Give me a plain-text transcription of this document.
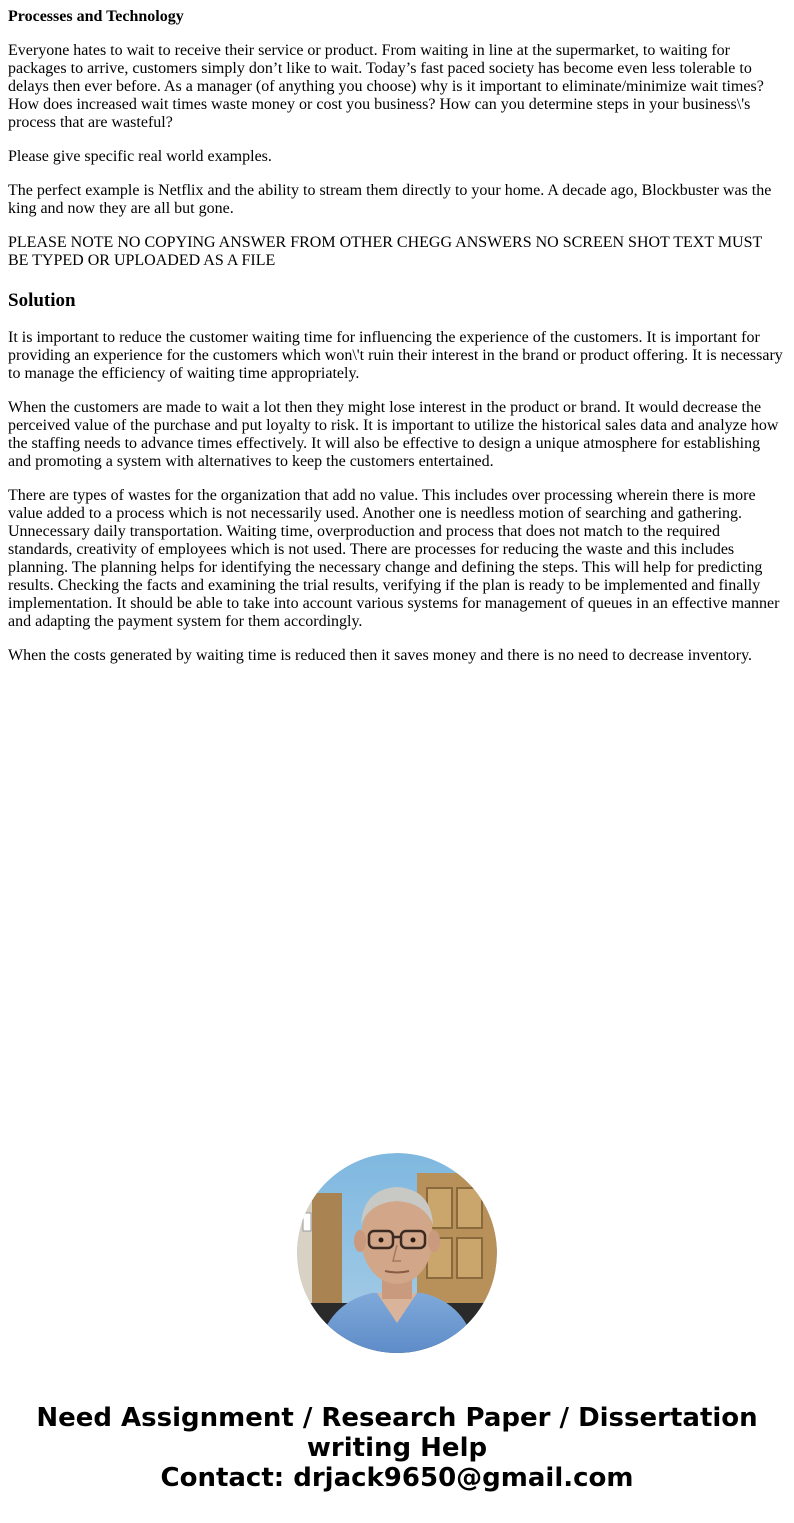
Processes and Technology

Everyone hates to wait to receive their service or product. From waiting in line at the supermarket, to waiting for packages to arrive, customers simply don’t like to wait. Today’s fast paced society has become even less tolerable to delays then ever before. As a manager (of anything you choose) why is it important to eliminate/minimize wait times? How does increased wait times waste money or cost you business? How can you determine steps in your business\'s process that are wasteful?

Please give specific real world examples.

The perfect example is Netflix and the ability to stream them directly to your home. A decade ago, Blockbuster was the king and now they are all but gone.

PLEASE NOTE NO COPYING ANSWER FROM OTHER CHEGG ANSWERS NO SCREEN SHOT TEXT MUST BE TYPED OR UPLOADED AS A FILE

Solution

It is important to reduce the customer waiting time for influencing the experience of the customers. It is important for providing an experience for the customers which won\'t ruin their interest in the brand or product offering. It is necessary to manage the efficiency of waiting time appropriately.

When the customers are made to wait a lot then they might lose interest in the product or brand. It would decrease the perceived value of the purchase and put loyalty to risk. It is important to utilize the historical sales data and analyze how the staffing needs to advance times effectively. It will also be effective to design a unique atmosphere for establishing and promoting a system with alternatives to keep the customers entertained.

There are types of wastes for the organization that add no value. This includes over processing wherein there is more value added to a process which is not necessarily used. Another one is needless motion of searching and gathering. Unnecessary daily transportation. Waiting time, overproduction and process that does not match to the required standards, creativity of employees which is not used. There are processes for reducing the waste and this includes planning. The planning helps for identifying the necessary change and defining the steps. This will help for predicting results. Checking the facts and examining the trial results, verifying if the plan is ready to be implemented and finally implementation. It should be able to take into account various systems for management of queues in an effective manner and adapting the payment system for them accordingly.

When the costs generated by waiting time is reduced then it saves money and there is no need to decrease inventory.

Need Assignment / Research Paper / Dissertation
writing Help
Contact: drjack9650@gmail.com
